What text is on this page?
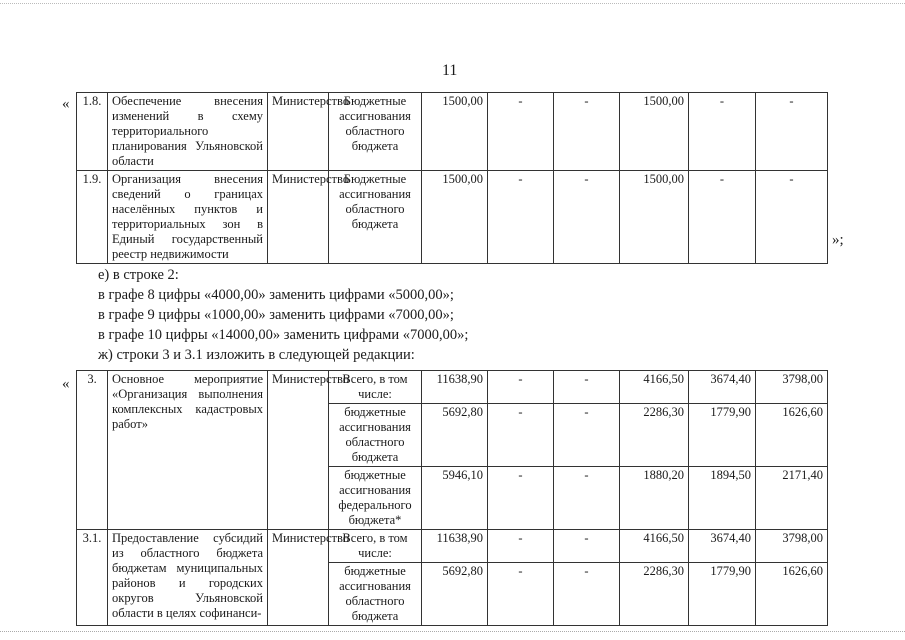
11
« 1.8.	Обеспечение внесения изменений в схему территориального планирования Ульяновской области	Министерство	Бюджетные ассигнования областного бюджета	1500,00	-	-	1500,00	-	-
1.9.	Организация внесения сведений о границах населённых пунктов и территориальных зон в Единый государственный реестр недвижимости	Министерство	Бюджетные ассигнования областного бюджета	1500,00	-	-	1500,00	-	-
»;
е) в строке 2:
в графе 8 цифры «4000,00» заменить цифрами «5000,00»;
в графе 9 цифры «1000,00» заменить цифрами «7000,00»;
в графе 10 цифры «14000,00» заменить цифрами «7000,00»;
ж) строки 3 и 3.1 изложить в следующей редакции:
« 3.	Основное мероприятие «Организация выполнения комплексных кадастровых работ»	Министерство	Всего, в том числе:	11638,90	-	-	4166,50	3674,40	3798,00
			бюджетные ассигнования областного бюджета	5692,80	-	-	2286,30	1779,90	1626,60
			бюджетные ассигнования федерального бюджета*	5946,10	-	-	1880,20	1894,50	2171,40
3.1.	Предоставление субсидий из областного бюджета бюджетам муниципальных районов и городских округов Ульяновской области в целях софинанси-	Министерство	Всего, в том числе:	11638,90	-	-	4166,50	3674,40	3798,00
			бюджетные ассигнования областного бюджета	5692,80	-	-	2286,30	1779,90	1626,60
